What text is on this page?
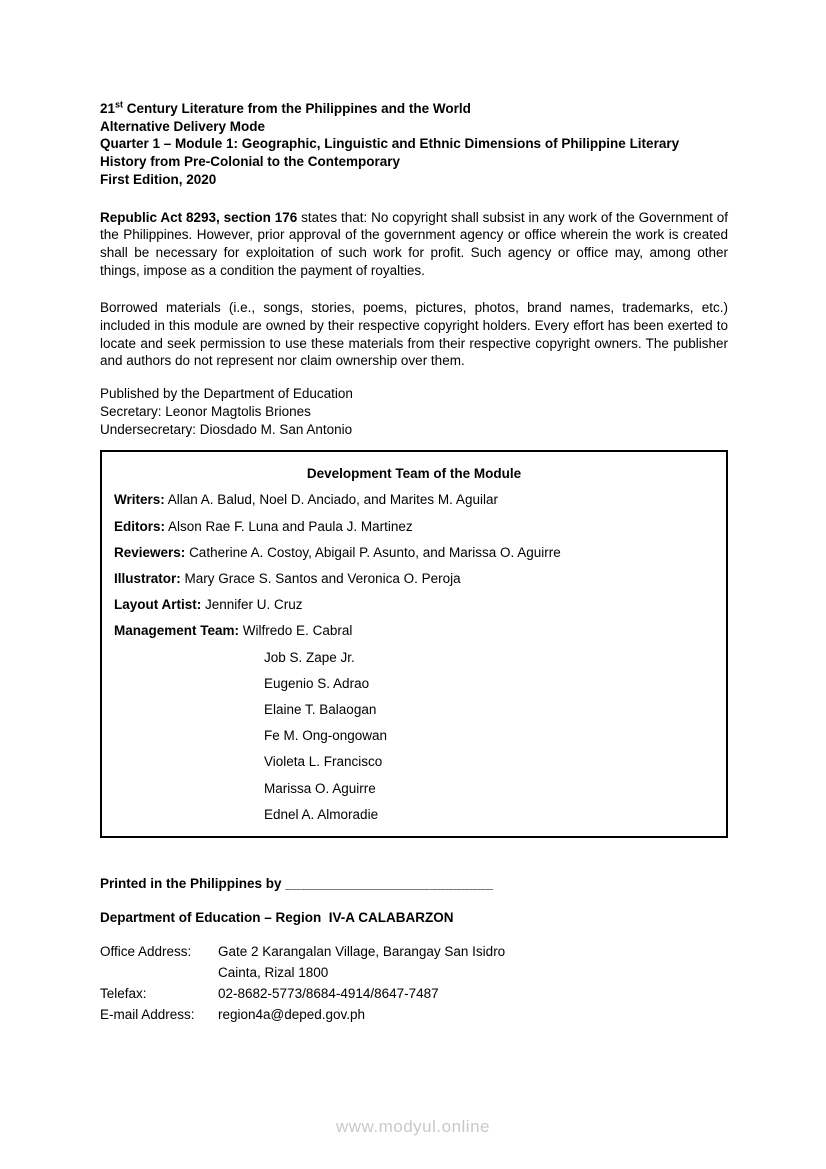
21st Century Literature from the Philippines and the World

Alternative Delivery Mode

Quarter 1 – Module 1: Geographic, Linguistic and Ethnic Dimensions of Philippine Literary History from Pre-Colonial to the Contemporary

First Edition, 2020

Republic Act 8293, section 176 states that: No copyright shall subsist in any work of the Government of the Philippines. However, prior approval of the government agency or office wherein the work is created shall be necessary for exploitation of such work for profit. Such agency or office may, among other things, impose as a condition the payment of royalties.

Borrowed materials (i.e., songs, stories, poems, pictures, photos, brand names, trademarks, etc.) included in this module are owned by their respective copyright holders. Every effort has been exerted to locate and seek permission to use these materials from their respective copyright owners. The publisher and authors do not represent nor claim ownership over them.

Published by the Department of Education

Secretary: Leonor Magtolis Briones

Undersecretary: Diosdado M. San Antonio

Development Team of the Module

Writers: Allan A. Balud, Noel D. Anciado, and Marites M. Aguilar

Editors: Alson Rae F. Luna and Paula J. Martinez

Reviewers: Catherine A. Costoy, Abigail P. Asunto, and Marissa O. Aguirre

Illustrator: Mary Grace S. Santos and Veronica O. Peroja

Layout Artist: Jennifer U. Cruz

Management Team: Wilfredo E. Cabral

Job S. Zape Jr.

Eugenio S. Adrao

Elaine T. Balaogan

Fe M. Ong-ongowan

Violeta L. Francisco

Marissa O. Aguirre

Ednel A. Almoradie

Printed in the Philippines by __________________________

Department of Education – Region  IV-A CALABARZON

Office Address:	Gate 2 Karangalan Village, Barangay San Isidro
Cainta, Rizal 1800
Telefax:	02-8682-5773/8684-4914/8647-7487
E-mail Address:	region4a@deped.gov.ph
www.modyul.online
